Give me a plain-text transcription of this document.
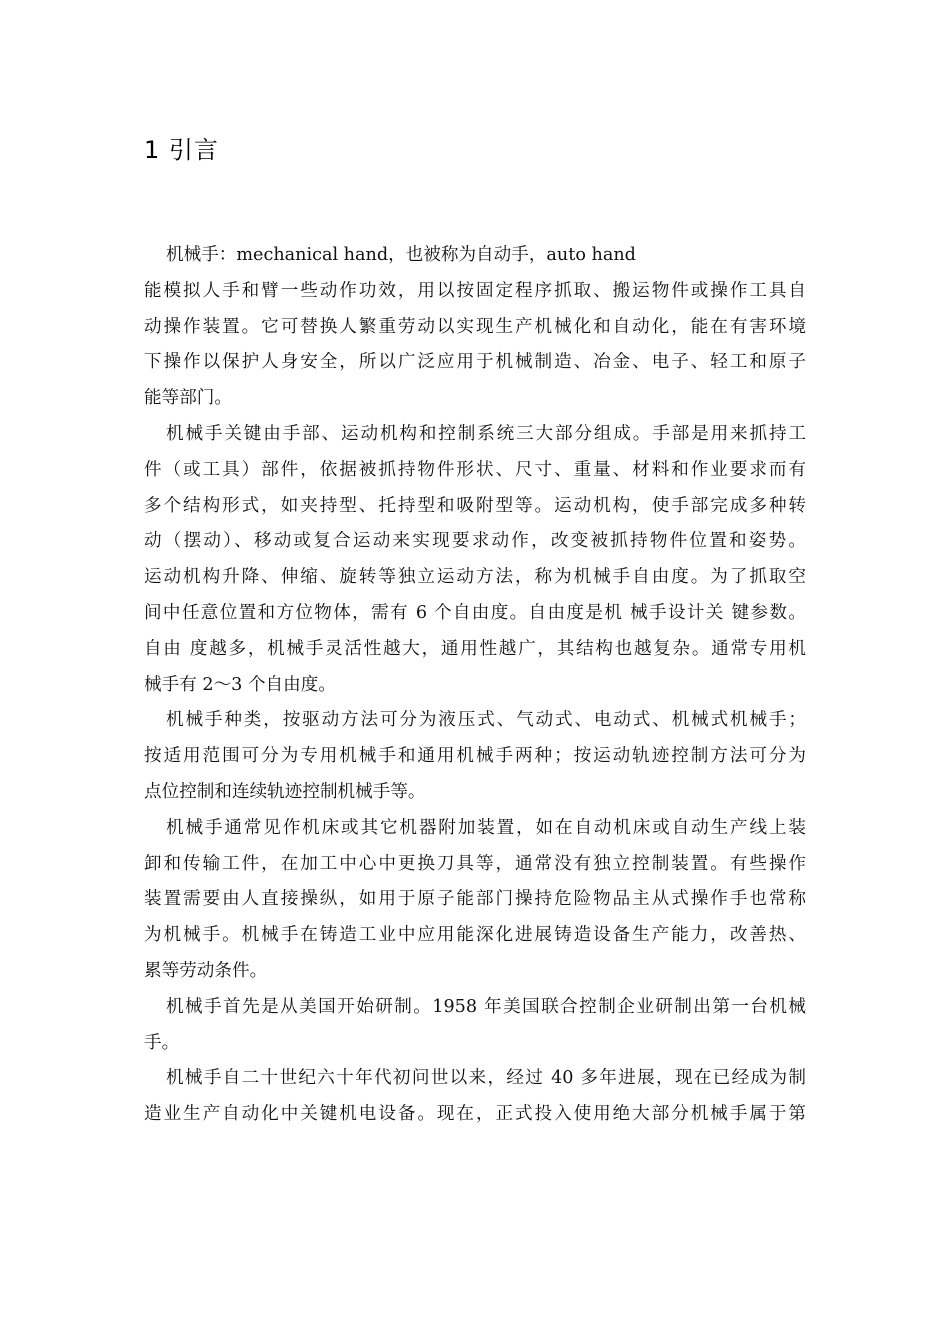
1 引言
机械手：mechanical hand，也被称为自动手，auto hand
能模拟人手和臂一些动作功效，用以按固定程序抓取、搬运物件或操作工具自
动操作装置。它可替换人繁重劳动以实现生产机械化和自动化，能在有害环境
下操作以保护人身安全，所以广泛应用于机械制造、冶金、电子、轻工和原子
能等部门。
机械手关键由手部、运动机构和控制系统三大部分组成。手部是用来抓持工
件（或工具）部件，依据被抓持物件形状、尺寸、重量、材料和作业要求而有
多个结构形式，如夹持型、托持型和吸附型等。运动机构，使手部完成多种转
动（摆动）、移动或复合运动来实现要求动作，改变被抓持物件位置和姿势。
运动机构升降、伸缩、旋转等独立运动方法，称为机械手自由度。为了抓取空
间中任意位置和方位物体，需有 6 个自由度。自由度是机 械手设计关 键参数。
自由 度越多，机械手灵活性越大，通用性越广，其结构也越复杂。通常专用机
械手有 2～3 个自由度。
机械手种类，按驱动方法可分为液压式、气动式、电动式、机械式机械手；
按适用范围可分为专用机械手和通用机械手两种；按运动轨迹控制方法可分为
点位控制和连续轨迹控制机械手等。
机械手通常见作机床或其它机器附加装置，如在自动机床或自动生产线上装
卸和传输工件，在加工中心中更换刀具等，通常没有独立控制装置。有些操作
装置需要由人直接操纵，如用于原子能部门操持危险物品主从式操作手也常称
为机械手。机械手在铸造工业中应用能深化进展铸造设备生产能力，改善热、
累等劳动条件。
机械手首先是从美国开始研制。1958 年美国联合控制企业研制出第一台机械
手。
机械手自二十世纪六十年代初问世以来，经过 40 多年进展，现在已经成为制
造业生产自动化中关键机电设备。现在，正式投入使用绝大部分机械手属于第
